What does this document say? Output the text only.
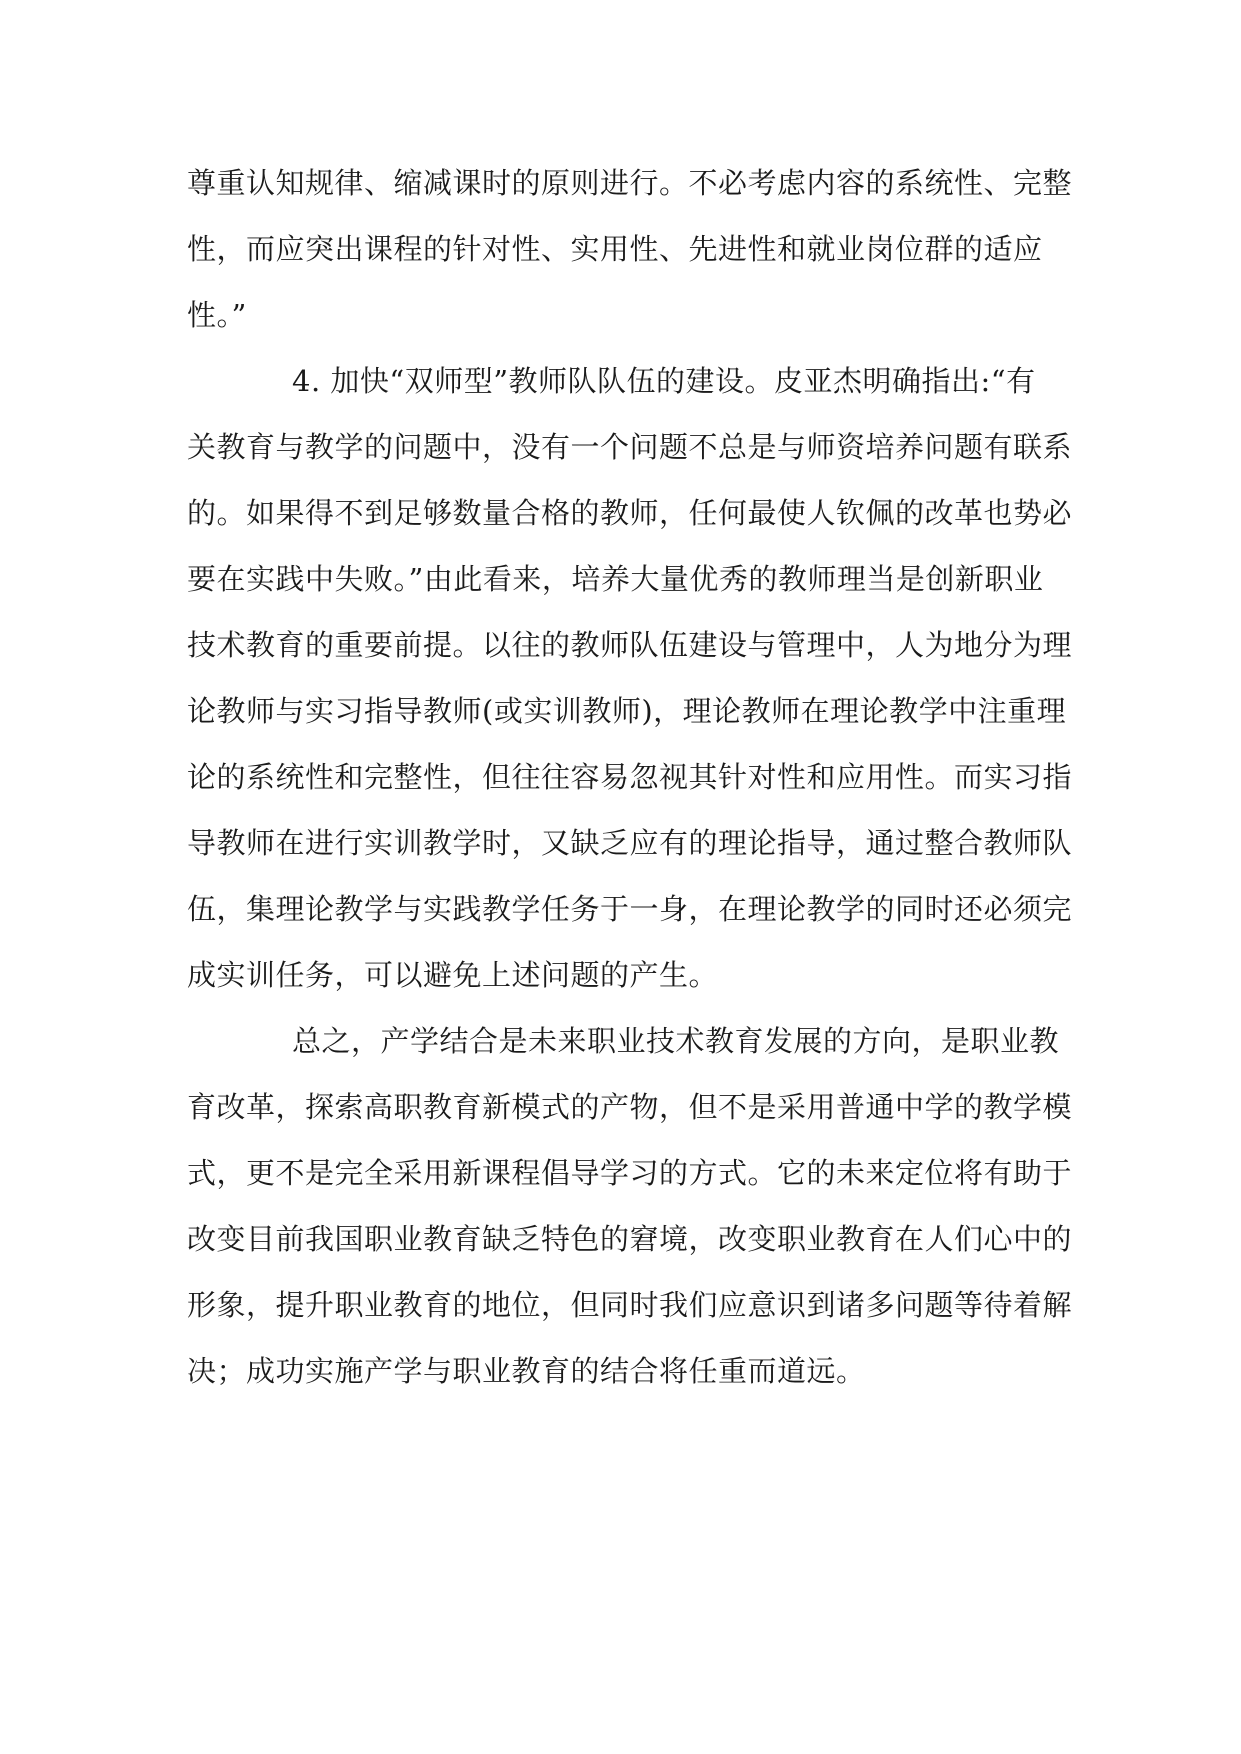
尊重认知规律、缩减课时的原则进行。不必考虑内容的系统性、完整

性，而应突出课程的针对性、实用性、先进性和就业岗位群的适应

性。”

4. 加快“双师型”教师队队伍的建设。皮亚杰明确指出:“有

关教育与教学的问题中，没有一个问题不总是与师资培养问题有联系

的。如果得不到足够数量合格的教师，任何最使人钦佩的改革也势必

要在实践中失败。”由此看来，培养大量优秀的教师理当是创新职业

技术教育的重要前提。以往的教师队伍建设与管理中，人为地分为理

论教师与实习指导教师(或实训教师)，理论教师在理论教学中注重理

论的系统性和完整性，但往往容易忽视其针对性和应用性。而实习指

导教师在进行实训教学时，又缺乏应有的理论指导，通过整合教师队

伍，集理论教学与实践教学任务于一身，在理论教学的同时还必须完

成实训任务，可以避免上述问题的产生。

总之，产学结合是未来职业技术教育发展的方向，是职业教

育改革，探索高职教育新模式的产物，但不是采用普通中学的教学模

式，更不是完全采用新课程倡导学习的方式。它的未来定位将有助于

改变目前我国职业教育缺乏特色的窘境，改变职业教育在人们心中的

形象，提升职业教育的地位，但同时我们应意识到诸多问题等待着解

决；成功实施产学与职业教育的结合将任重而道远。
